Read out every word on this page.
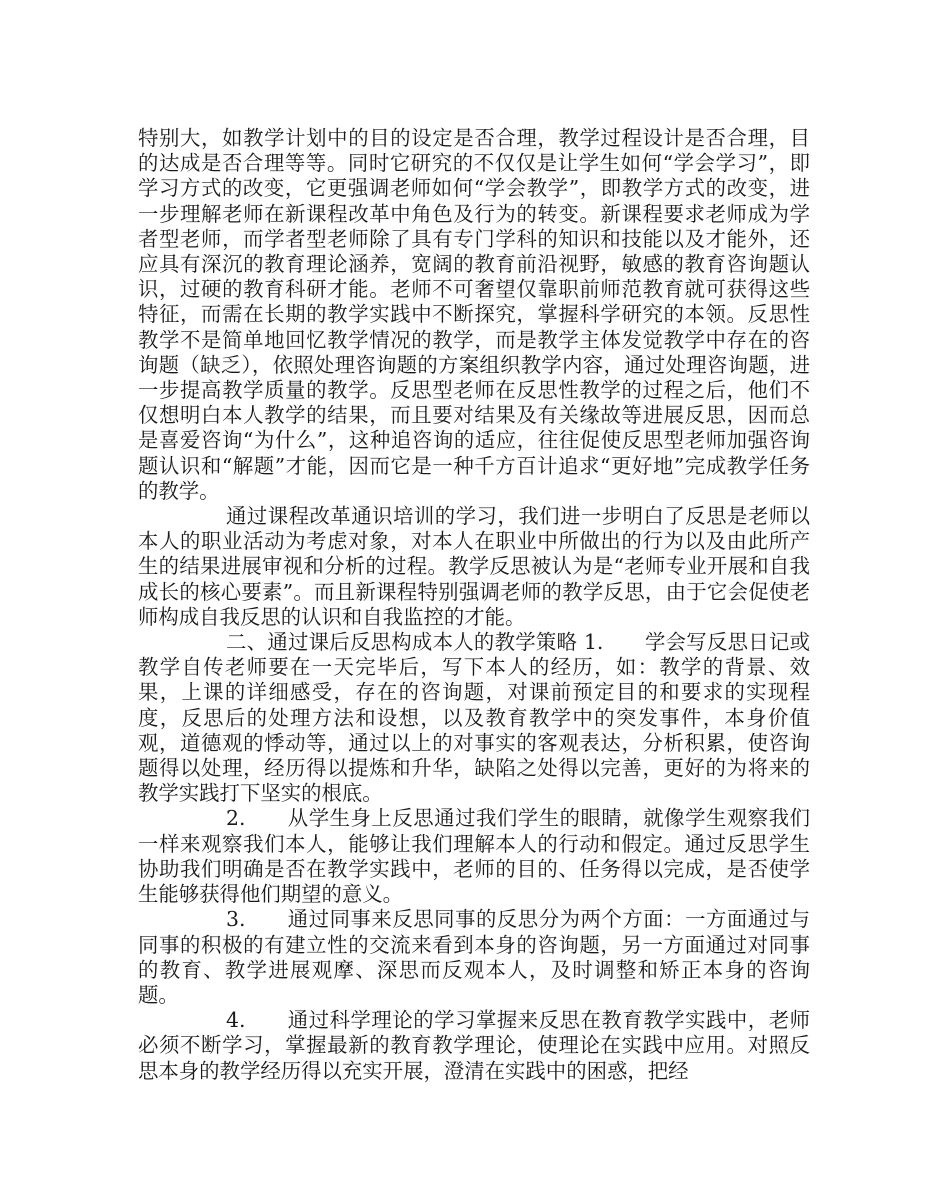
特别大，如教学计划中的目的设定是否合理，教学过程设计是否合理，目的达成是否合理等等。同时它研究的不仅仅是让学生如何“学会学习”，即学习方式的改变，它更强调老师如何“学会教学”，即教学方式的改变，进一步理解老师在新课程改革中角色及行为的转变。新课程要求老师成为学者型老师，而学者型老师除了具有专门学科的知识和技能以及才能外，还应具有深沉的教育理论涵养，宽阔的教育前沿视野，敏感的教育咨询题认识，过硬的教育科研才能。老师不可奢望仅靠职前师范教育就可获得这些特征，而需在长期的教学实践中不断探究，掌握科学研究的本领。反思性教学不是简单地回忆教学情况的教学，而是教学主体发觉教学中存在的咨询题（缺乏），依照处理咨询题的方案组织教学内容，通过处理咨询题，进一步提高教学质量的教学。反思型老师在反思性教学的过程之后，他们不仅想明白本人教学的结果，而且要对结果及有关缘故等进展反思，因而总是喜爱咨询“为什么”，这种追咨询的适应，往往促使反思型老师加强咨询题认识和“解题”才能，因而它是一种千方百计追求“更好地”完成教学任务的教学。

通过课程改革通识培训的学习，我们进一步明白了反思是老师以本人的职业活动为考虑对象，对本人在职业中所做出的行为以及由此所产生的结果进展审视和分析的过程。教学反思被认为是“老师专业开展和自我成长的核心要素”。而且新课程特别强调老师的教学反思，由于它会促使老师构成自我反思的认识和自我监控的才能。

二、通过课后反思构成本人的教学策略 1.　　学会写反思日记或教学自传老师要在一天完毕后，写下本人的经历，如：教学的背景、效果，上课的详细感受，存在的咨询题，对课前预定目的和要求的实现程度，反思后的处理方法和设想，以及教育教学中的突发事件，本身价值观，道德观的悸动等，通过以上的对事实的客观表达，分析积累，使咨询题得以处理，经历得以提炼和升华，缺陷之处得以完善，更好的为将来的教学实践打下坚实的根底。

2.　　从学生身上反思通过我们学生的眼睛，就像学生观察我们一样来观察我们本人，能够让我们理解本人的行动和假定。通过反思学生协助我们明确是否在教学实践中，老师的目的、任务得以完成，是否使学生能够获得他们期望的意义。

3.　　通过同事来反思同事的反思分为两个方面：一方面通过与同事的积极的有建立性的交流来看到本身的咨询题，另一方面通过对同事的教育、教学进展观摩、深思而反观本人，及时调整和矫正本身的咨询题。

4.　　通过科学理论的学习掌握来反思在教育教学实践中，老师必须不断学习，掌握最新的教育教学理论，使理论在实践中应用。对照反思本身的教学经历得以充实开展，澄清在实践中的困惑，把经
